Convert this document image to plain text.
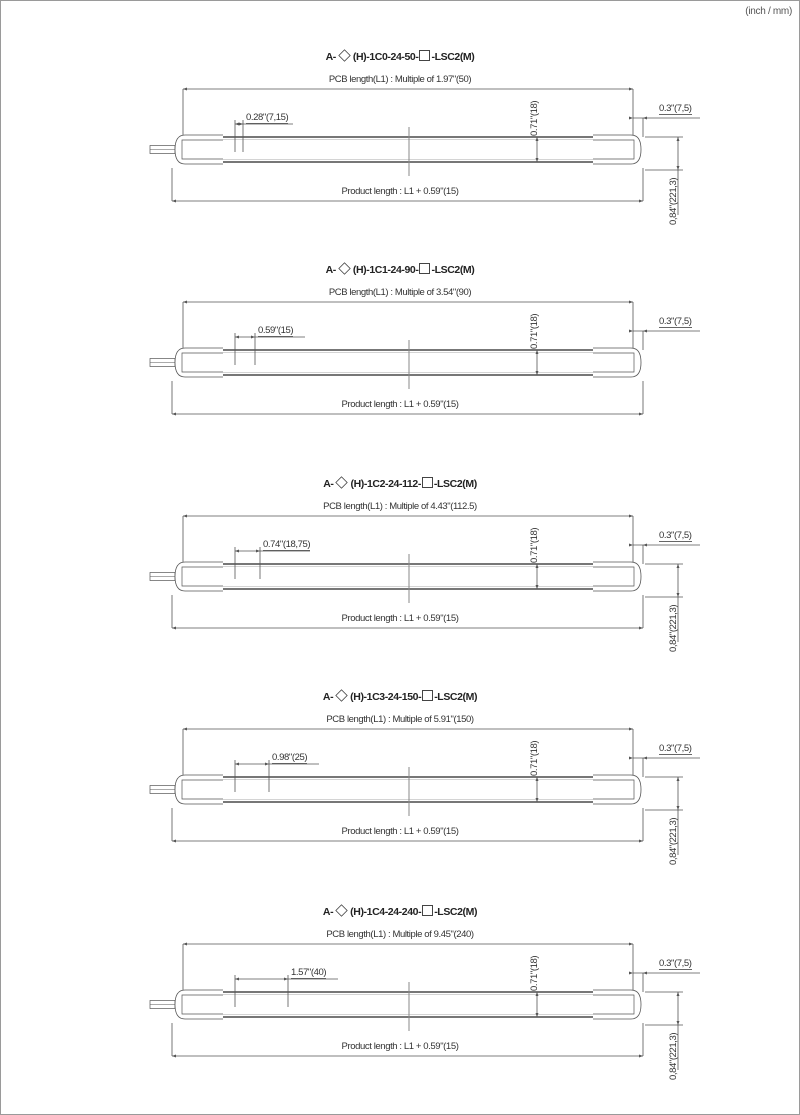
(inch / mm)
A- (H)-1C0-24-50- -LSC2(M)
PCB length(L1) : Multiple of 1.97"(50)
0.28"(7,15)	0.71"(18)	0.3"(7,5)
Product length : L1 + 0.59"(15)	0,84"(221,3)
A- (H)-1C1-24-90- -LSC2(M)
PCB length(L1) : Multiple of 3.54"(90)
0.59"(15)	0.71"(18)	0.3"(7,5)
Product length : L1 + 0.59"(15)
A- (H)-1C2-24-112- -LSC2(M)
PCB length(L1) : Multiple of 4.43"(112.5)
0.74"(18,75)	0.71"(18)	0.3"(7,5)
Product length : L1 + 0.59"(15)	0,84"(221,3)
A- (H)-1C3-24-150- -LSC2(M)
PCB length(L1) : Multiple of 5.91"(150)
0.98"(25)	0.71"(18)	0.3"(7,5)
Product length : L1 + 0.59"(15)	0,84"(221,3)
A- (H)-1C4-24-240- -LSC2(M)
PCB length(L1) : Multiple of 9.45"(240)
1.57"(40)	0.71"(18)	0.3"(7,5)
Product length : L1 + 0.59"(15)	0,84"(221,3)
